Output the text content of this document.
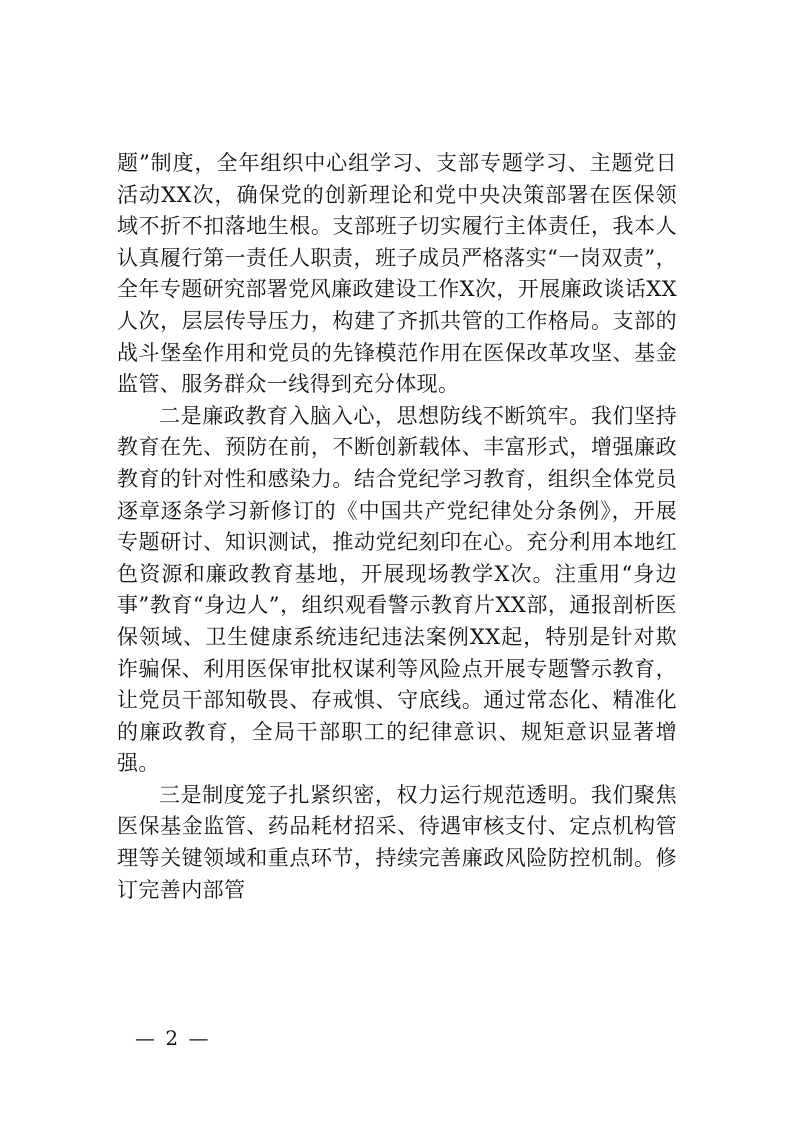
题”制度，全年组织中心组学习、支部专题学习、主题党日活动XX次，确保党的创新理论和党中央决策部署在医保领域不折不扣落地生根。支部班子切实履行主体责任，我本人认真履行第一责任人职责，班子成员严格落实“一岗双责”，全年专题研究部署党风廉政建设工作X次，开展廉政谈话XX人次，层层传导压力，构建了齐抓共管的工作格局。支部的战斗堡垒作用和党员的先锋模范作用在医保改革攻坚、基金监管、服务群众一线得到充分体现。

二是廉政教育入脑入心，思想防线不断筑牢。我们坚持教育在先、预防在前，不断创新载体、丰富形式，增强廉政教育的针对性和感染力。结合党纪学习教育，组织全体党员逐章逐条学习新修订的《中国共产党纪律处分条例》，开展专题研讨、知识测试，推动党纪刻印在心。充分利用本地红色资源和廉政教育基地，开展现场教学X次。注重用“身边事”教育“身边人”，组织观看警示教育片XX部，通报剖析医保领域、卫生健康系统违纪违法案例XX起，特别是针对欺诈骗保、利用医保审批权谋利等风险点开展专题警示教育，让党员干部知敬畏、存戒惧、守底线。通过常态化、精准化的廉政教育，全局干部职工的纪律意识、规矩意识显著增强。

三是制度笼子扎紧织密，权力运行规范透明。我们聚焦医保基金监管、药品耗材招采、待遇审核支付、定点机构管理等关键领域和重点环节，持续完善廉政风险防控机制。修订完善内部管

— 2 —
